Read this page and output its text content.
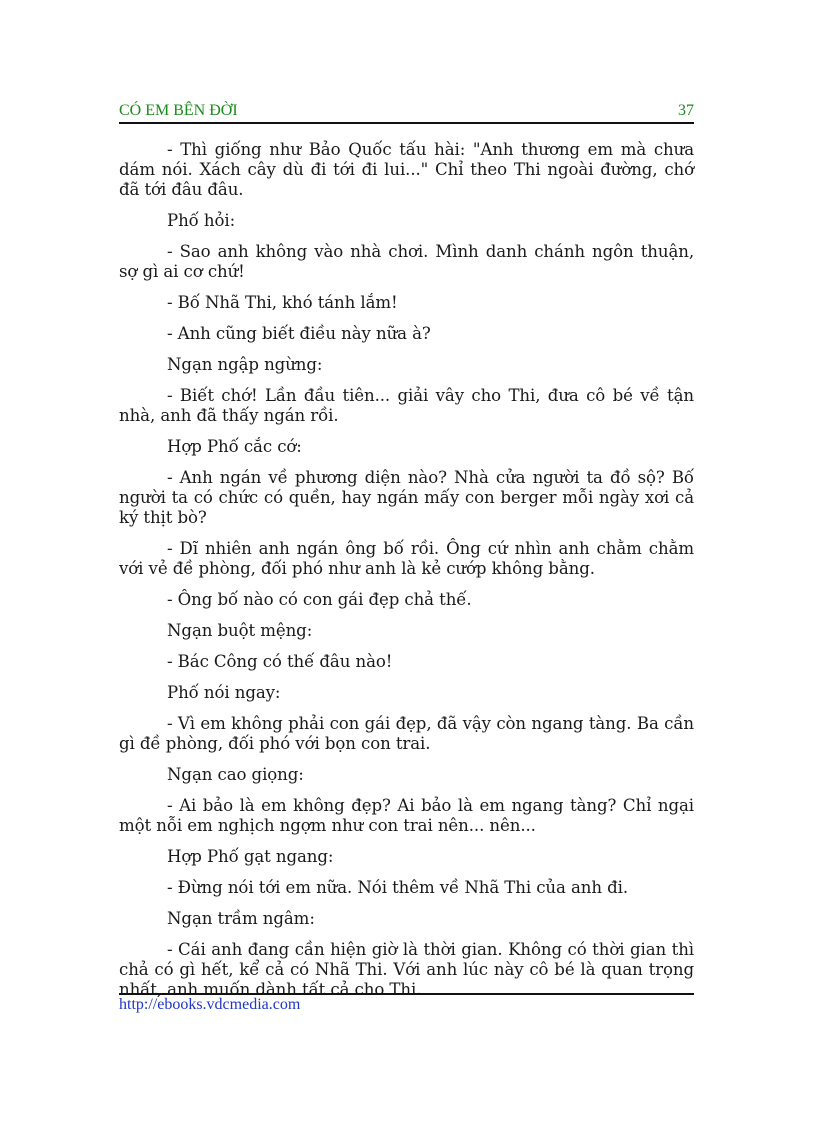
CÓ EM BÊN ĐỜI	37

- Thì giống như Bảo Quốc tấu hài: "Anh thương em mà chưa dám nói. Xách cây dù đi tới đi lui..." Chỉ theo Thi ngoài đường, chớ đã tới đâu đâu.

Phố hỏi:

- Sao anh không vào nhà chơi. Mình danh chánh ngôn thuận, sợ gì ai cơ chứ!

- Bố Nhã Thi, khó tánh lắm!

- Anh cũng biết điều này nữa à?

Ngạn ngập ngừng:

- Biết chớ! Lần đầu tiên... giải vây cho Thi, đưa cô bé về tận nhà, anh đã thấy ngán rồi.

Hợp Phố cắc cớ:

- Anh ngán về phương diện nào? Nhà cửa người ta đồ sộ? Bố người ta có chức có quền, hay ngán mấy con berger mỗi ngày xơi cả ký thịt bò?

- Dĩ nhiên anh ngán ông bố rồi. Ông cứ nhìn anh chằm chằm với vẻ đề phòng, đối phó như anh là kẻ cướp không bằng.

- Ông bố nào có con gái đẹp chả thế.

Ngạn buột mệng:

- Bác Công có thế đâu nào!

Phố nói ngay:

- Vì em không phải con gái đẹp, đã vậy còn ngang tàng. Ba cần gì đề phòng, đối phó với bọn con trai.

Ngạn cao giọng:

- Ai bảo là em không đẹp? Ai bảo là em ngang tàng? Chỉ ngại một nỗi em nghịch ngợm như con trai nên... nên...

Hợp Phố gạt ngang:

- Đừng nói tới em nữa. Nói thêm về Nhã Thi của anh đi.

Ngạn trầm ngâm:

- Cái anh đang cần hiện giờ là thời gian. Không có thời gian thì chả có gì hết, kể cả có Nhã Thi. Với anh lúc này cô bé là quan trọng nhất, anh muốn dành tất cả cho Thi.

http://ebooks.vdcmedia.com
